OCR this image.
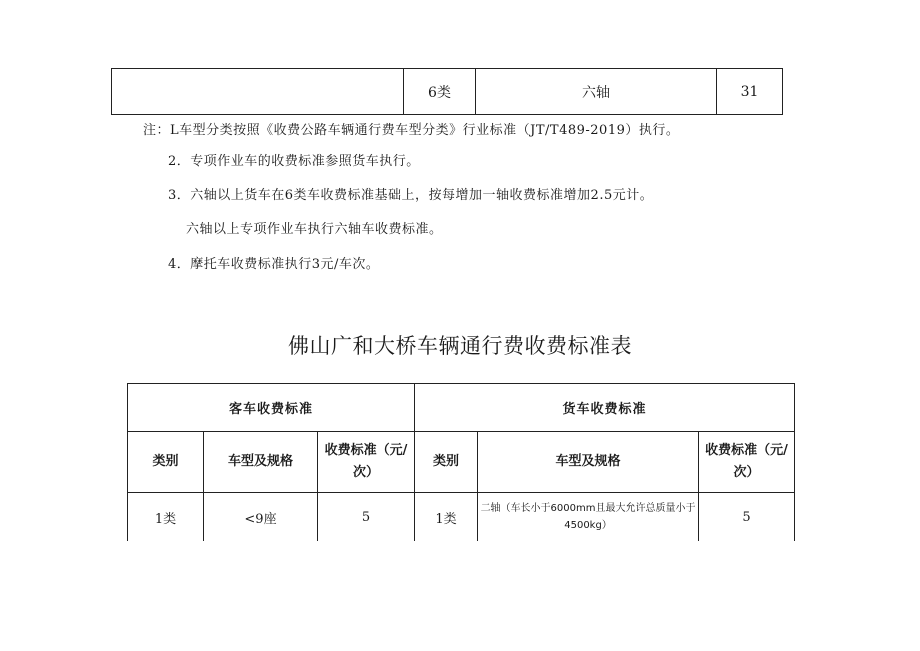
	6类	六轴	31
注：L车型分类按照《收费公路车辆通行费车型分类》行业标准（JT/T489-2019）执行。
2．专项作业车的收费标准参照货车执行。
3．六轴以上货车在6类车收费标准基础上，按每增加一轴收费标准增加2.5元计。
六轴以上专项作业车执行六轴车收费标准。
4．摩托车收费标准执行3元/车次。
佛山广和大桥车辆通行费收费标准表
客车收费标准			货车收费标准		
类别	车型及规格	收费标准（元/次）	类别	车型及规格	收费标准（元/次）
1类	<9座	5	1类	二轴（车长小于6000mm且最大允许总质量小于4500kg）	5
